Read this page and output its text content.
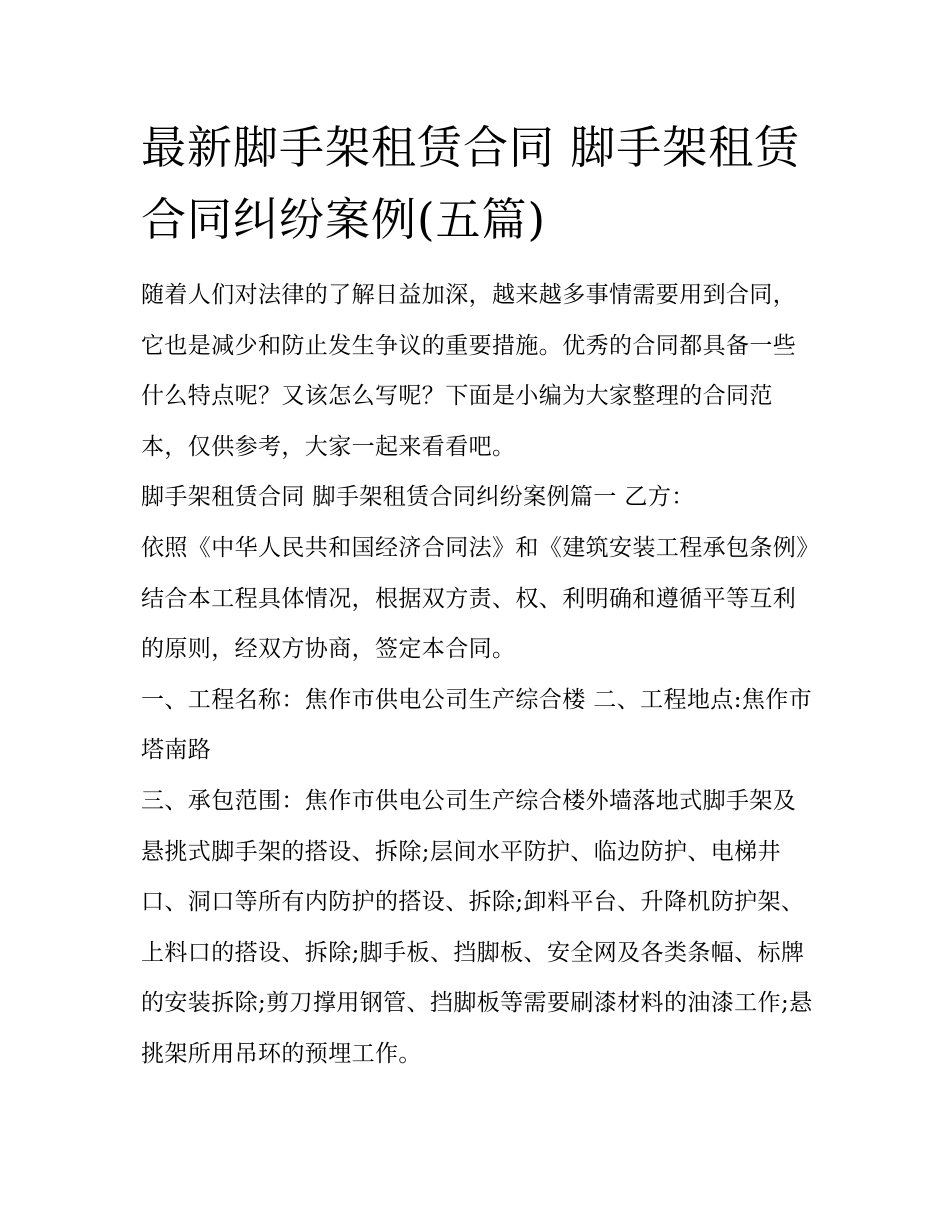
最新脚手架租赁合同 脚手架租赁合同纠纷案例(五篇)

随着人们对法律的了解日益加深，越来越多事情需要用到合同，它也是减少和防止发生争议的重要措施。优秀的合同都具备一些什么特点呢？又该怎么写呢？下面是小编为大家整理的合同范本，仅供参考，大家一起来看看吧。

脚手架租赁合同 脚手架租赁合同纠纷案例篇一 乙方：

依照《中华人民共和国经济合同法》和《建筑安装工程承包条例》结合本工程具体情况，根据双方责、权、利明确和遵循平等互利的原则，经双方协商，签定本合同。

一、工程名称：焦作市供电公司生产综合楼 二、工程地点:焦作市塔南路

三、承包范围：焦作市供电公司生产综合楼外墙落地式脚手架及悬挑式脚手架的搭设、拆除;层间水平防护、临边防护、电梯井口、洞口等所有内防护的搭设、拆除;卸料平台、升降机防护架、上料口的搭设、拆除;脚手板、挡脚板、安全网及各类条幅、标牌的安装拆除;剪刀撑用钢管、挡脚板等需要刷漆材料的油漆工作;悬挑架所用吊环的预埋工作。
